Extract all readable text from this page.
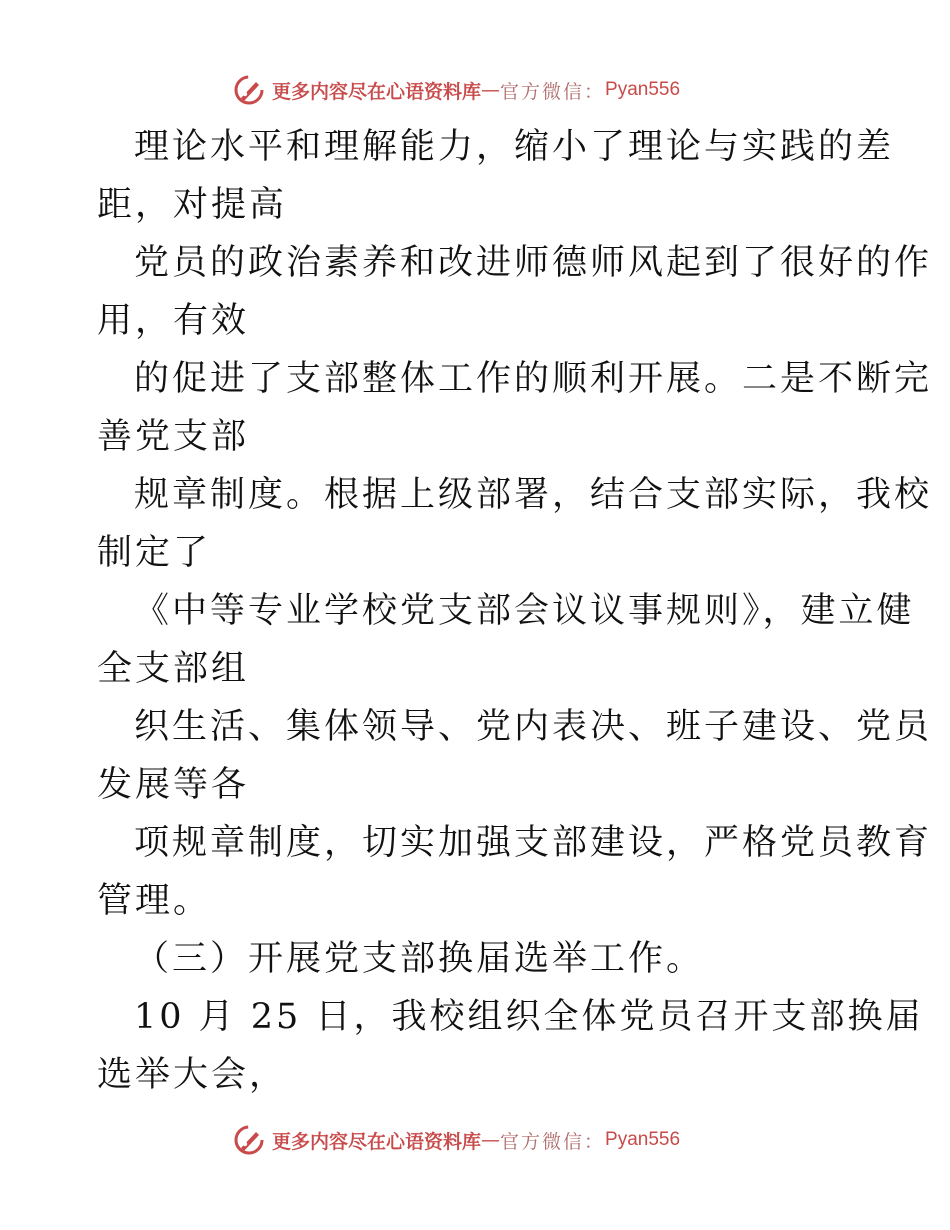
更多内容尽在心语资料库 — 官方微信： Pyan556
理论水平和理解能力，缩小了理论与实践的差
距，对提高
党员的政治素养和改进师德师风起到了很好的作
用，有效
的促进了支部整体工作的顺利开展。二是不断完
善党支部
规章制度。根据上级部署，结合支部实际，我校
制定了
《中等专业学校党支部会议议事规则》，建立健
全支部组
织生活、集体领导、党内表决、班子建设、党员
发展等各
项规章制度，切实加强支部建设，严格党员教育
管理。
（三）开展党支部换届选举工作。
10 月 25 日，我校组织全体党员召开支部换届
选举大会，
更多内容尽在心语资料库 — 官方微信： Pyan556
